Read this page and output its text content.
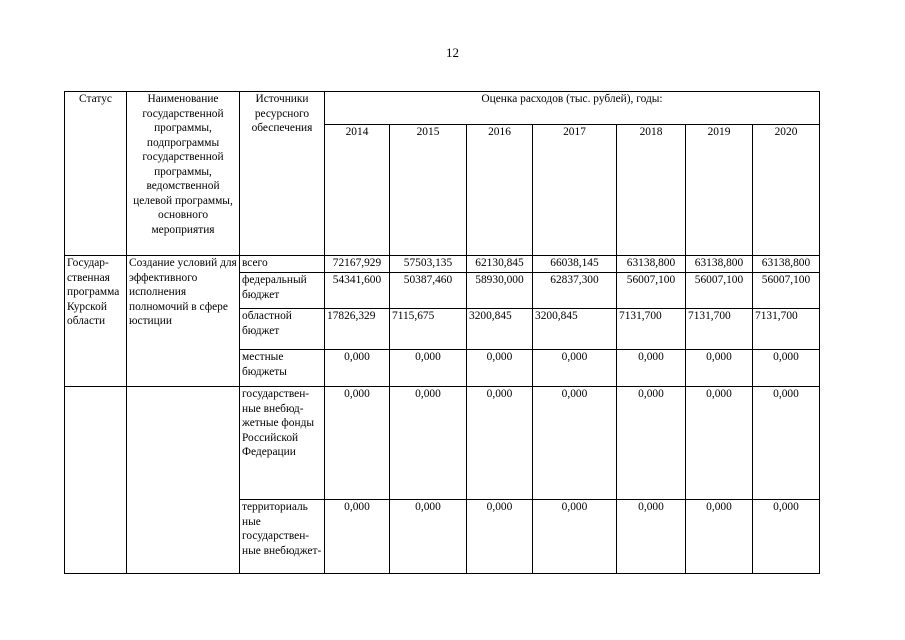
12
Статус	Наименование государственной программы, подпрограммы государственной программы, ведомственной целевой программы, основного мероприятия	Источники ресурсного обеспечения	Оценка расходов (тыс. рублей), годы:						
			2014	2015	2016	2017	2018	2019	2020
Государ-ственная программа Курской области	Создание условий для эффективного исполнения полномочий в сфере юстиции	всего	72167,929	57503,135	62130,845	66038,145	63138,800	63138,800	63138,800
		федеральный бюджет	54341,600	50387,460	58930,000	62837,300	56007,100	56007,100	56007,100
		областной бюджет	17826,329	7115,675	3200,845	3200,845	7131,700	7131,700	7131,700
		местные бюджеты	0,000	0,000	0,000	0,000	0,000	0,000	0,000
		государствен-ные внебюд-жетные фонды Российской Федерации	0,000	0,000	0,000	0,000	0,000	0,000	0,000
		территориаль ные государствен-ные внебюджет-	0,000	0,000	0,000	0,000	0,000	0,000	0,000
